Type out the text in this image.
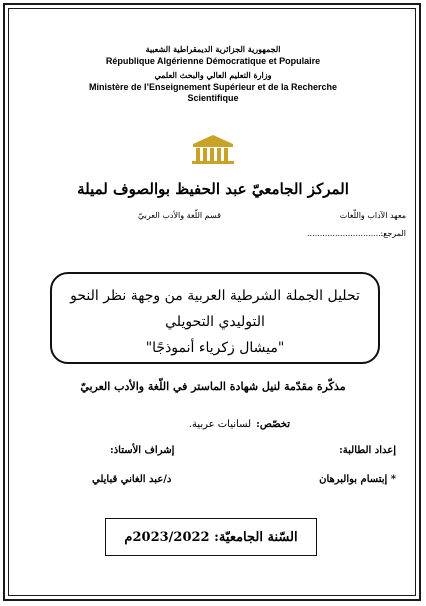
الجمهورية الجزائرية الديمقراطية الشعبية
République Algérienne Démocratique et Populaire
وزارة التعليم العالي والبحث العلمي
Ministère de l’Enseignement Supérieur et de la Recherche
Scientifique
المركز الجامعيّ عبد الحفيظ بوالصوف لميلة
معهد الآداب واللّغات
قسم اللّغة والأدب العربيّ
المرجع:
...............................
تحليل الجملة الشرطية العربية من وجهة نظر النحو
التوليدي التحويلي
"ميشال زكرياء أنموذجًا"
مذكّرة مقدّمة لنيل شهادة الماستر في اللّغة والأدب العربيّ
تخصّص: لسانيات عربية.
إعداد الطالبة:
إشراف الأستاذ:
* إبتسام بوالبرهان
د/عبد الغاني قبايلي
السّنة الجامعيّة: 2023/2022م
